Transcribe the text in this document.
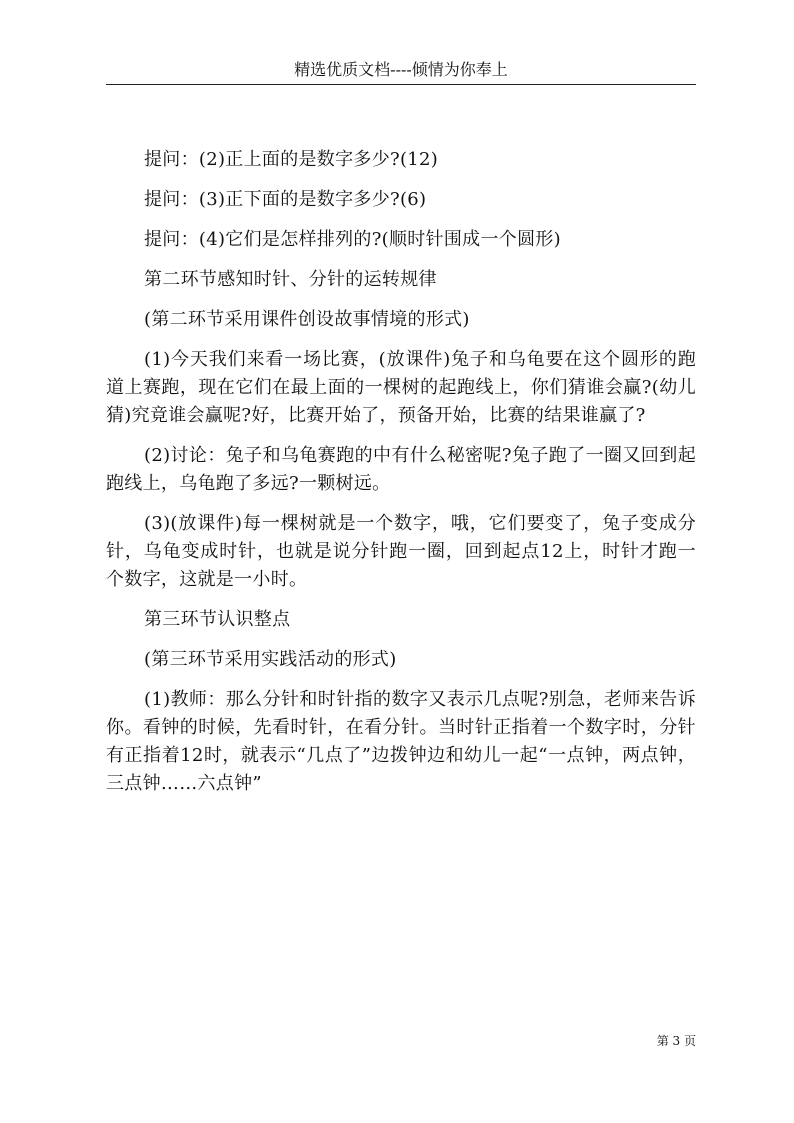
精选优质文档----倾情为你奉上

提问：(2)正上面的是数字多少?(12)

提问：(3)正下面的是数字多少?(6)

提问：(4)它们是怎样排列的?(顺时针围成一个圆形)

第二环节感知时针、分针的运转规律

(第二环节采用课件创设故事情境的形式)

(1)今天我们来看一场比赛，(放课件)兔子和乌龟要在这个圆形的跑道上赛跑，现在它们在最上面的一棵树的起跑线上，你们猜谁会赢?(幼儿猜)究竟谁会赢呢?好，比赛开始了，预备开始，比赛的结果谁赢了?

(2)讨论：兔子和乌龟赛跑的中有什么秘密呢?兔子跑了一圈又回到起跑线上，乌龟跑了多远?一颗树远。

(3)(放课件)每一棵树就是一个数字，哦，它们要变了，兔子变成分针，乌龟变成时针，也就是说分针跑一圈，回到起点12上，时针才跑一个数字，这就是一小时。

第三环节认识整点

(第三环节采用实践活动的形式)

(1)教师：那么分针和时针指的数字又表示几点呢?别急，老师来告诉你。看钟的时候，先看时针，在看分针。当时针正指着一个数字时，分针有正指着12时，就表示“几点了”边拨钟边和幼儿一起“一点钟，两点钟，三点钟……六点钟”

第 3 页
